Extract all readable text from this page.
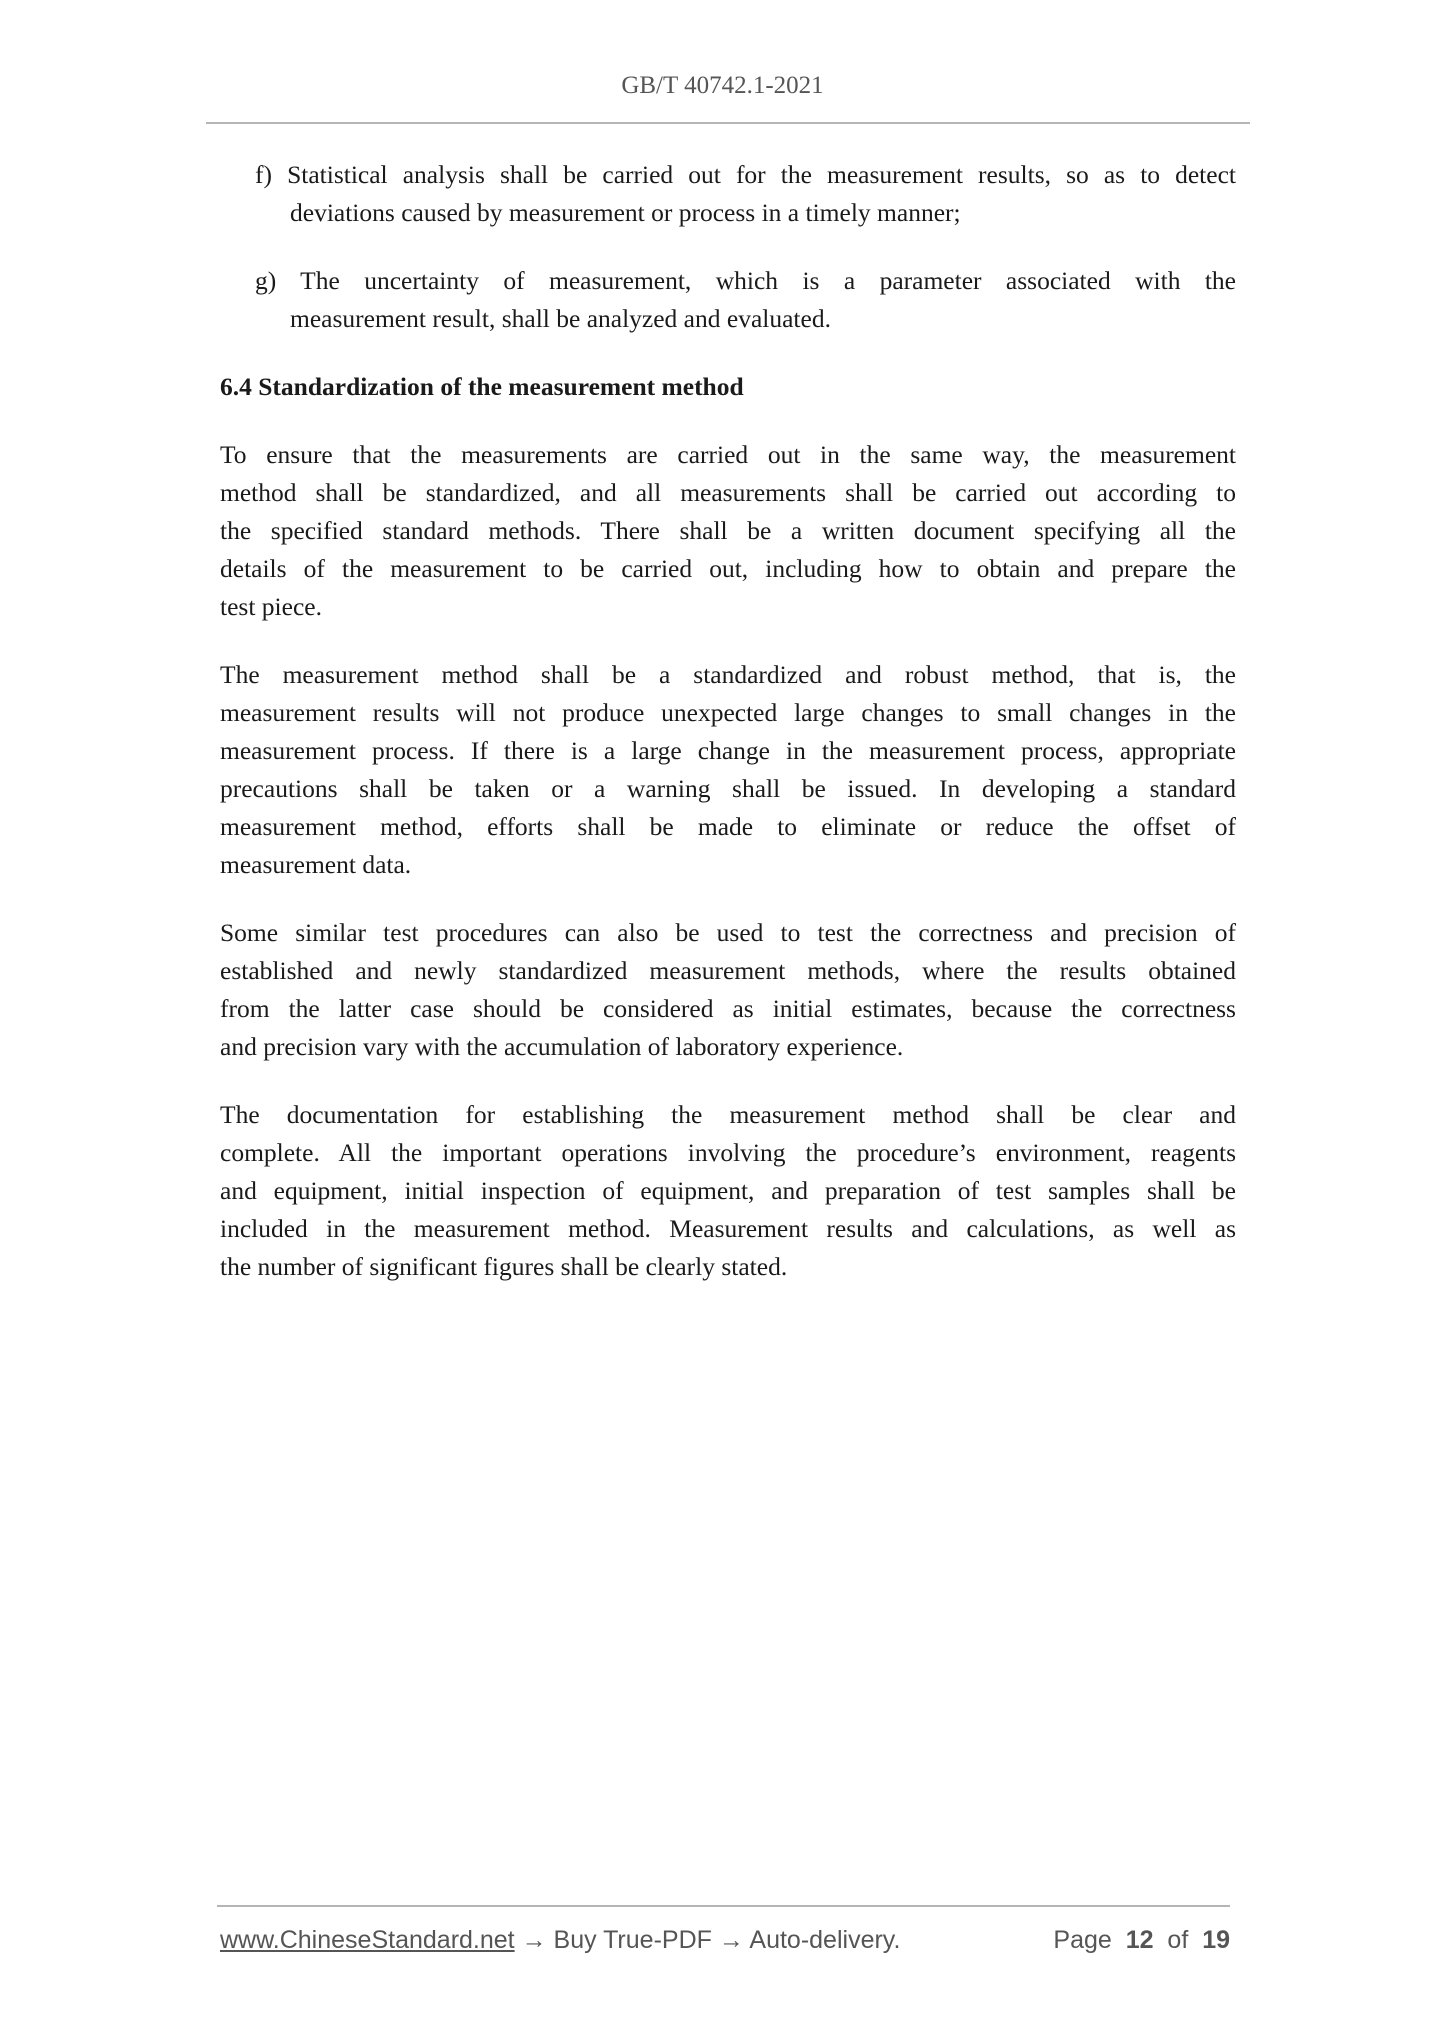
GB/T 40742.1-2021
f) Statistical analysis shall be carried out for the measurement results, so as to detect
deviations caused by measurement or process in a timely manner;
g) The uncertainty of measurement, which is a parameter associated with the
measurement result, shall be analyzed and evaluated.
6.4 Standardization of the measurement method
To ensure that the measurements are carried out in the same way, the measurement
method shall be standardized, and all measurements shall be carried out according to
the specified standard methods. There shall be a written document specifying all the
details of the measurement to be carried out, including how to obtain and prepare the
test piece.
The measurement method shall be a standardized and robust method, that is, the
measurement results will not produce unexpected large changes to small changes in the
measurement process. If there is a large change in the measurement process, appropriate
precautions shall be taken or a warning shall be issued. In developing a standard
measurement method, efforts shall be made to eliminate or reduce the offset of
measurement data.
Some similar test procedures can also be used to test the correctness and precision of
established and newly standardized measurement methods, where the results obtained
from the latter case should be considered as initial estimates, because the correctness
and precision vary with the accumulation of laboratory experience.
The documentation for establishing the measurement method shall be clear and
complete. All the important operations involving the procedure’s environment, reagents
and equipment, initial inspection of equipment, and preparation of test samples shall be
included in the measurement method. Measurement results and calculations, as well as
the number of significant figures shall be clearly stated.
www.ChineseStandard.net → Buy True-PDF → Auto-delivery.	Page 12 of 19
